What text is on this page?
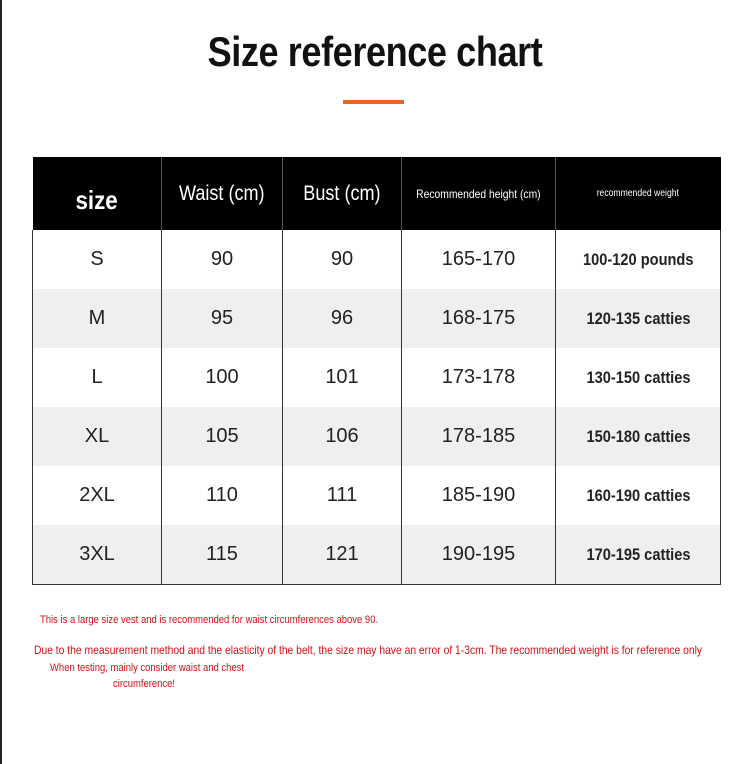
Size reference chart
size	Waist (cm)	Bust (cm)	Recommended height (cm)	recommended weight
S	90	90	165-170	100-120 pounds
M	95	96	168-175	120-135 catties
L	100	101	173-178	130-150 catties
XL	105	106	178-185	150-180 catties
2XL	110	111	185-190	160-190 catties
3XL	115	121	190-195	170-195 catties
This is a large size vest and is recommended for waist circumferences above 90.
Due to the measurement method and the elasticity of the belt, the size may have an error of 1-3cm. The recommended weight is for reference only
When testing, mainly consider waist and chest
circumference!
